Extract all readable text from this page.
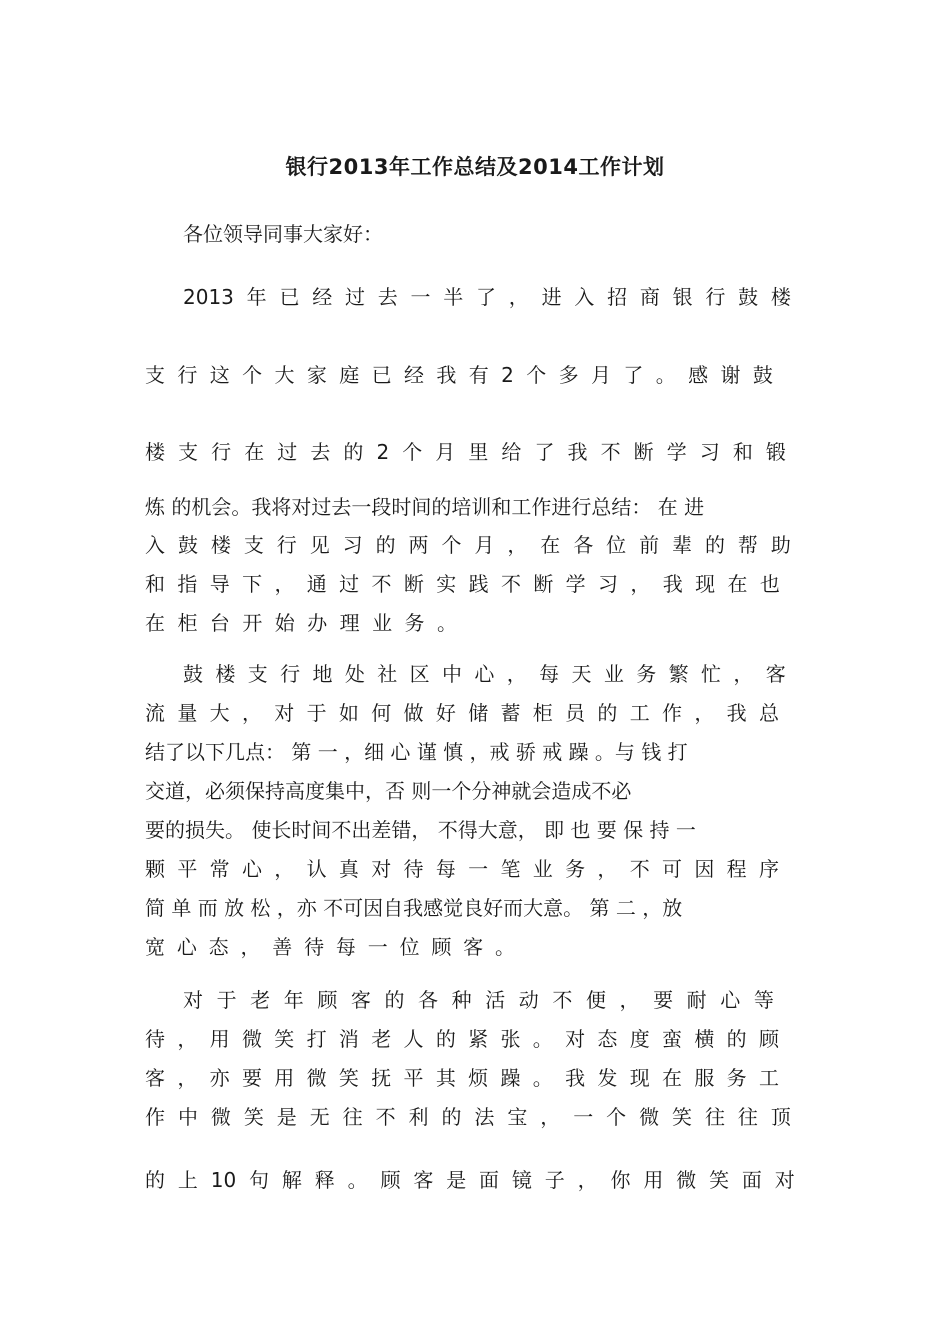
银行2013年工作总结及2014工作计划
各位领导同事大家好：
2013 年 已 经 过 去 一 半 了 ， 进 入 招 商 银 行 鼓 楼
支 行 这 个 大 家 庭 已 经 我 有 2 个 多 月 了 。 感 谢 鼓
楼 支 行 在 过 去 的 2 个 月 里 给 了 我 不 断 学 习 和 锻
炼 的机会。我将对过去一段时间的培训和工作进行总结： 在 进
入 鼓 楼 支 行 见 习 的 两 个 月 ， 在 各 位 前 辈 的 帮 助
和 指 导 下 ， 通 过 不 断 实 践 不 断 学 习 ， 我 现 在 也
在 柜 台 开 始 办 理 业 务 。
鼓 楼 支 行 地 处 社 区 中 心 ， 每 天 业 务 繁 忙 ， 客
流 量 大 ， 对 于 如 何 做 好 储 蓄 柜 员 的 工 作 ， 我 总
结了以下几点： 第 一 ，细 心 谨 慎 ，戒 骄 戒 躁 。与 钱 打
交道，必须保持高度集中，否 则一个分神就会造成不必
要的损失。 使长时间不出差错， 不得大意， 即 也 要 保 持 一
颗 平 常 心 ， 认 真 对 待 每 一 笔 业 务 ， 不 可 因 程 序
简 单 而 放 松 ，亦 不可因自我感觉良好而大意。 第 二 ，放
宽 心 态 ， 善 待 每 一 位 顾 客 。
对 于 老 年 顾 客 的 各 种 活 动 不 便 ， 要 耐 心 等
待 ， 用 微 笑 打 消 老 人 的 紧 张 。 对 态 度 蛮 横 的 顾
客 ， 亦 要 用 微 笑 抚 平 其 烦 躁 。 我 发 现 在 服 务 工
作 中 微 笑 是 无 往 不 利 的 法 宝 ， 一 个 微 笑 往 往 顶
的 上 10 句 解 释 。 顾 客 是 面 镜 子 ， 你 用 微 笑 面 对
